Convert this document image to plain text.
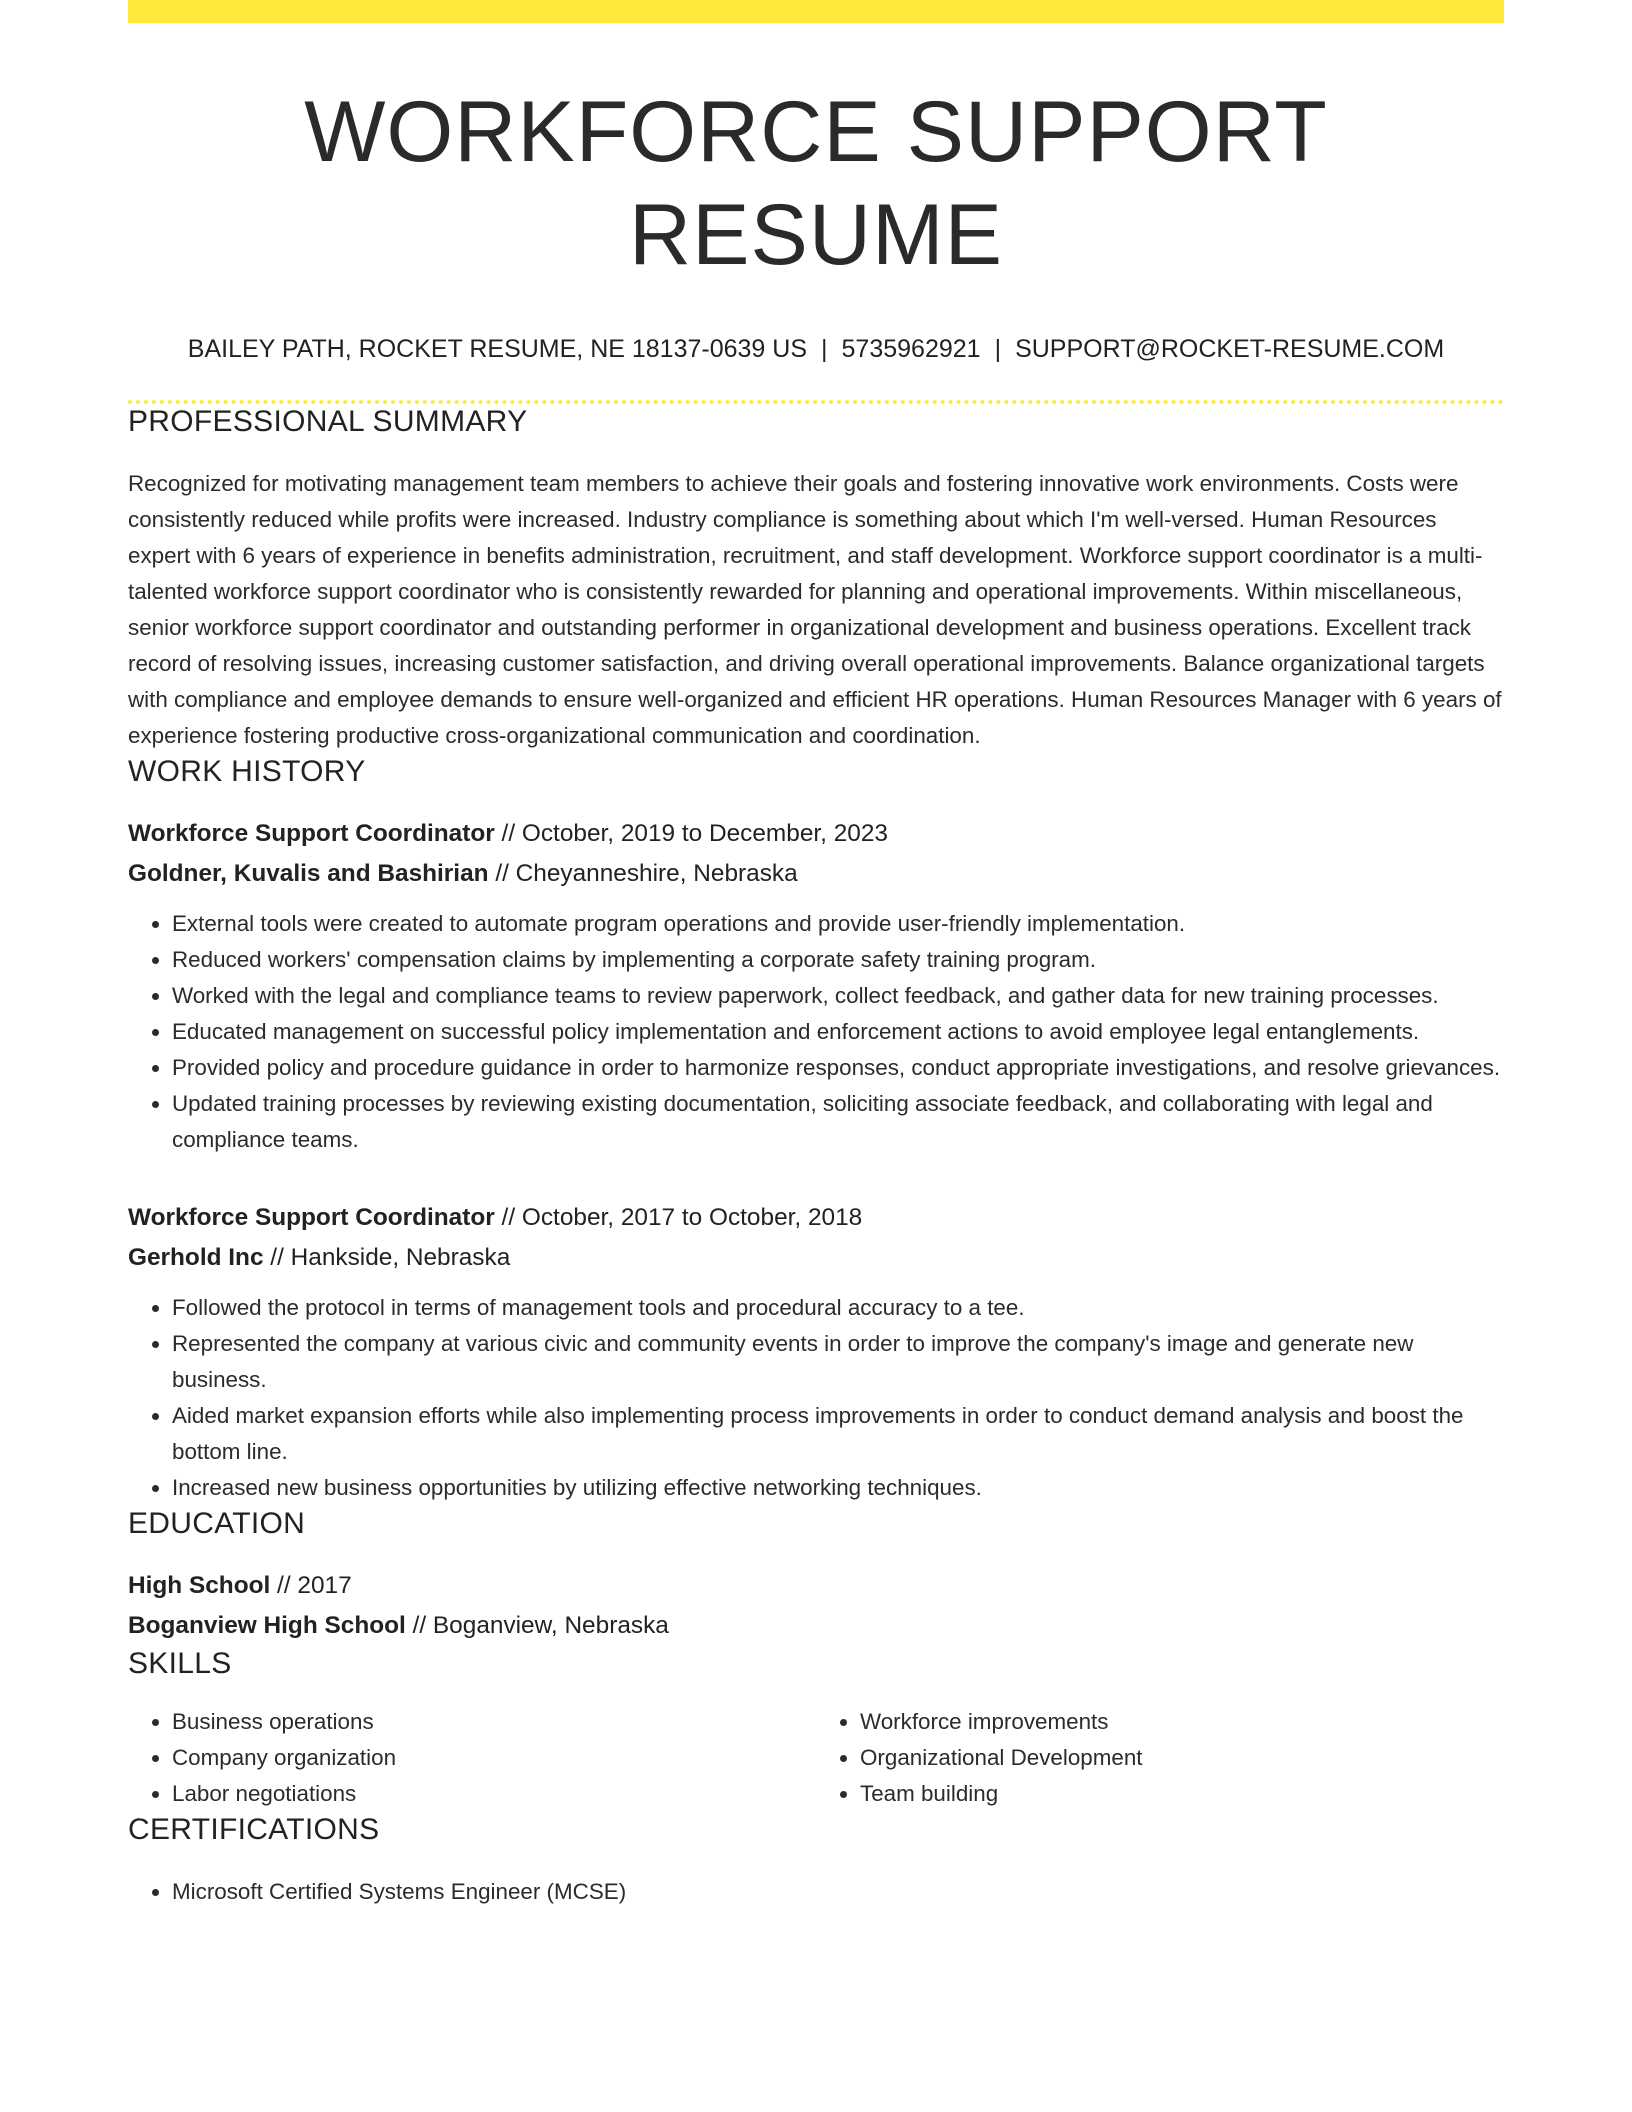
WORKFORCE SUPPORT RESUME
BAILEY PATH, ROCKET RESUME, NE 18137-0639 US | 5735962921 | SUPPORT@ROCKET-RESUME.COM
PROFESSIONAL SUMMARY

Recognized for motivating management team members to achieve their goals and fostering innovative work environments. Costs were consistently reduced while profits were increased. Industry compliance is something about which I'm well-versed. Human Resources expert with 6 years of experience in benefits administration, recruitment, and staff development. Workforce support coordinator is a multi-talented workforce support coordinator who is consistently rewarded for planning and operational improvements. Within miscellaneous, senior workforce support coordinator and outstanding performer in organizational development and business operations. Excellent track record of resolving issues, increasing customer satisfaction, and driving overall operational improvements. Balance organizational targets with compliance and employee demands to ensure well-organized and efficient HR operations. Human Resources Manager with 6 years of experience fostering productive cross-organizational communication and coordination.

WORK HISTORY
Workforce Support Coordinator // October, 2019 to December, 2023
Goldner, Kuvalis and Bashirian // Cheyanneshire, Nebraska
• External tools were created to automate program operations and provide user-friendly implementation.
• Reduced workers' compensation claims by implementing a corporate safety training program.
• Worked with the legal and compliance teams to review paperwork, collect feedback, and gather data for new training processes.
• Educated management on successful policy implementation and enforcement actions to avoid employee legal entanglements.
• Provided policy and procedure guidance in order to harmonize responses, conduct appropriate investigations, and resolve grievances.
• Updated training processes by reviewing existing documentation, soliciting associate feedback, and collaborating with legal and compliance teams.
Workforce Support Coordinator // October, 2017 to October, 2018
Gerhold Inc // Hankside, Nebraska
• Followed the protocol in terms of management tools and procedural accuracy to a tee.
• Represented the company at various civic and community events in order to improve the company's image and generate new business.
• Aided market expansion efforts while also implementing process improvements in order to conduct demand analysis and boost the bottom line.
• Increased new business opportunities by utilizing effective networking techniques.
EDUCATION
High School // 2017
Boganview High School // Boganview, Nebraska
SKILLS
• Business operations
• Company organization
• Labor negotiations
• Workforce improvements
• Organizational Development
• Team building
CERTIFICATIONS
• Microsoft Certified Systems Engineer (MCSE)
